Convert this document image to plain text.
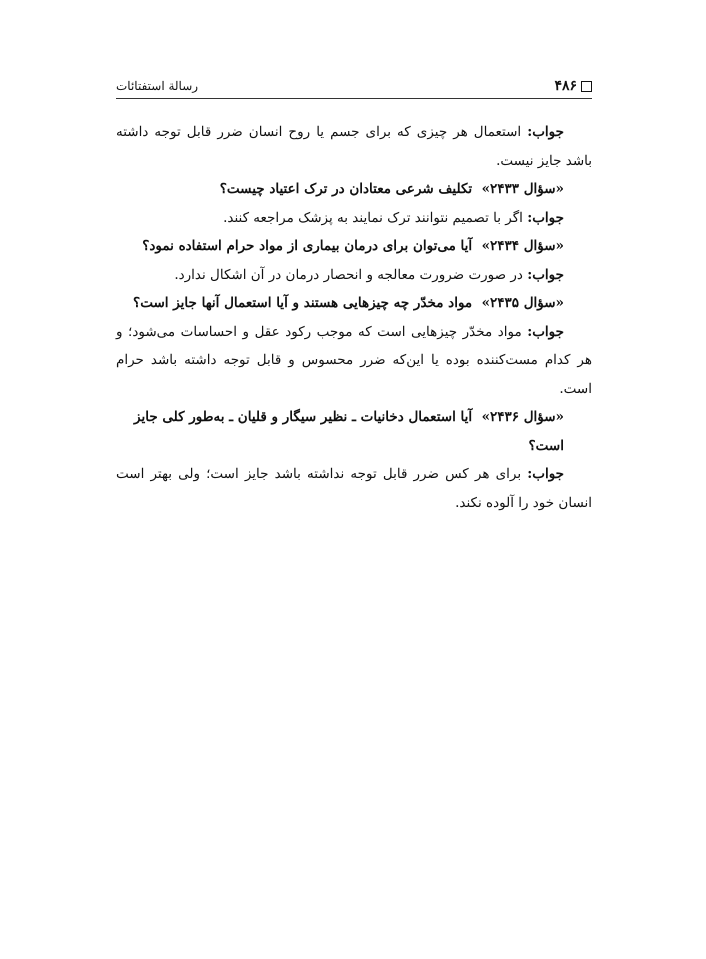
۴۸۶
رسالة استفتائات

جواب: استعمال هر چیزی که برای جسم یا روح انسان ضرر قابل توجه داشته باشد جایز نیست.

«سؤال ۲۴۳۳»  تکلیف شرعی معتادان در ترک اعتیاد چیست؟

جواب: اگر با تصمیم نتوانند ترک نمایند به پزشک مراجعه کنند.

«سؤال ۲۴۳۴»  آیا می‌توان برای درمان بیماری از مواد حرام استفاده نمود؟

جواب: در صورت ضرورت معالجه و انحصار درمان در آن اشکال ندارد.

«سؤال ۲۴۳۵»  مواد مخدّر چه چیزهایی هستند و آیا استعمال آنها جایز است؟

جواب: مواد مخدّر چیزهایی است که موجب رکود عقل و احساسات می‌شود؛ و هر کدام مست‌کننده بوده یا این‌که ضرر محسوس و قابل توجه داشته باشد حرام است.

«سؤال ۲۴۳۶»  آیا استعمال دخانیات ـ نظیر سیگار و قلیان ـ به‌طور کلی جایز است؟

جواب: برای هر کس ضرر قابل توجه نداشته باشد جایز است؛ ولی بهتر است انسان خود را آلوده نکند.
